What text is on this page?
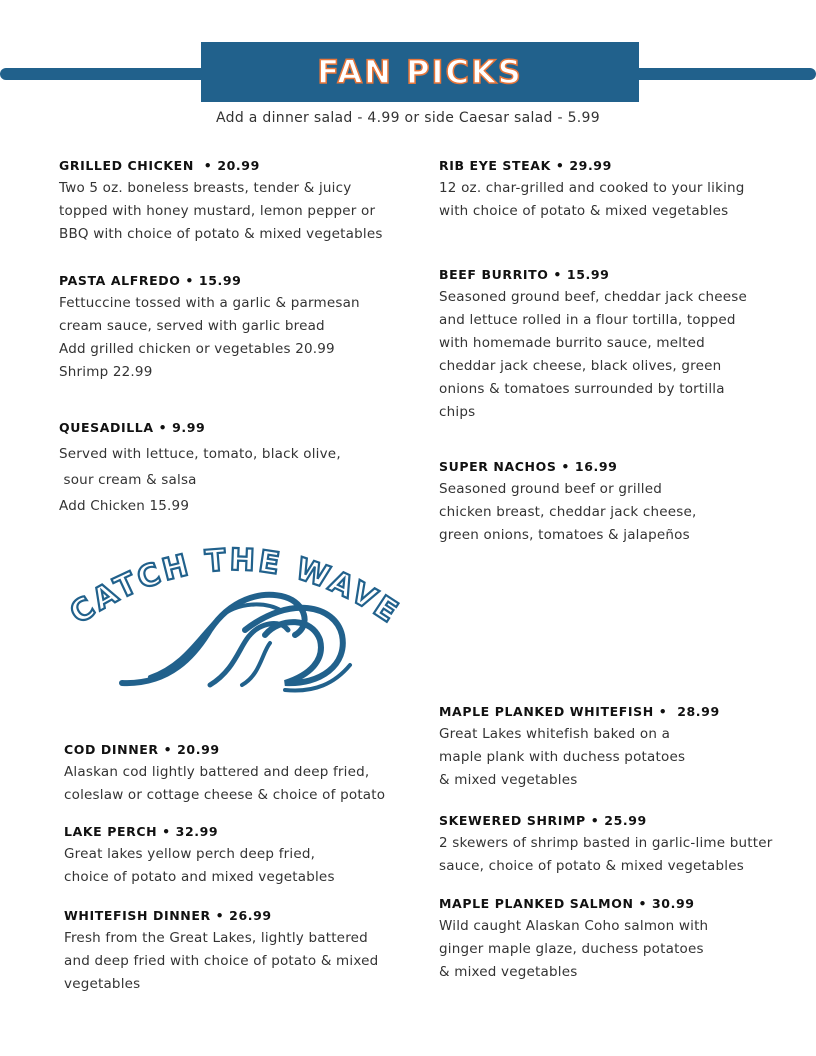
FAN PICKS
Add a dinner salad - 4.99 or side Caesar salad - 5.99
GRILLED CHICKEN  • 20.99
Two 5 oz. boneless breasts, tender & juicy
topped with honey mustard, lemon pepper or
BBQ with choice of potato & mixed vegetables
RIB EYE STEAK • 29.99
12 oz. char-grilled and cooked to your liking
with choice of potato & mixed vegetables
PASTA ALFREDO • 15.99
Fettuccine tossed with a garlic & parmesan
cream sauce, served with garlic bread
Add grilled chicken or vegetables 20.99
Shrimp 22.99
BEEF BURRITO • 15.99
Seasoned ground beef, cheddar jack cheese
and lettuce rolled in a flour tortilla, topped
with homemade burrito sauce, melted
cheddar jack cheese, black olives, green
onions & tomatoes surrounded by tortilla
chips
QUESADILLA • 9.99
Served with lettuce, tomato, black olive,
sour cream & salsa
Add Chicken 15.99
SUPER NACHOS • 16.99
Seasoned ground beef or grilled
chicken breast, cheddar jack cheese,
green onions, tomatoes & jalapeños
CATCH THE WAVE
MAPLE PLANKED WHITEFISH •  28.99
Great Lakes whitefish baked on a
maple plank with duchess potatoes
& mixed vegetables
COD DINNER • 20.99
Alaskan cod lightly battered and deep fried,
coleslaw or cottage cheese & choice of potato
SKEWERED SHRIMP • 25.99
2 skewers of shrimp basted in garlic-lime butter
sauce, choice of potato & mixed vegetables
LAKE PERCH • 32.99
Great lakes yellow perch deep fried,
choice of potato and mixed vegetables
MAPLE PLANKED SALMON • 30.99
Wild caught Alaskan Coho salmon with
ginger maple glaze, duchess potatoes
& mixed vegetables
WHITEFISH DINNER • 26.99
Fresh from the Great Lakes, lightly battered
and deep fried with choice of potato & mixed
vegetables
